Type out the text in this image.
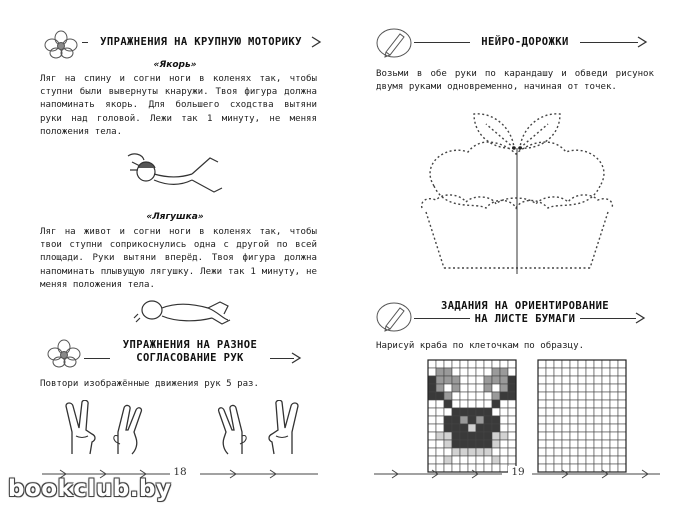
УПРАЖНЕНИЯ НА КРУПНУЮ МОТОРИКУ
«Якорь»
Ляг на спину и согни ноги в коленях так, чтобы ступни были вывернуты кнаружи. Твоя фигура должна напоминать якорь. Для большего сходства вытяни руки над головой. Лежи так 1 минуту, не меняя положения тела.
«Лягушка»
Ляг на живот и согни ноги в коленях так, чтобы твои ступни соприкоснулись одна с другой по всей площади. Руки вытяни вперёд. Твоя фигура должна напоминать плывущую лягушку. Лежи так 1 минуту, не меняя положения тела.
УПРАЖНЕНИЯ НА РАЗНОЕ
СОГЛАСОВАНИЕ РУК
Повтори изображённые движения рук 5 раз.
18
НЕЙРО-ДОРОЖКИ
Возьми в обе руки по карандашу и обведи рисунок двумя руками одновременно, начиная от точек.
ЗАДАНИЯ НА ОРИЕНТИРОВАНИЕ
НА ЛИСТЕ БУМАГИ
Нарисуй краба по клеточкам по образцу.
19
bookclub.by
